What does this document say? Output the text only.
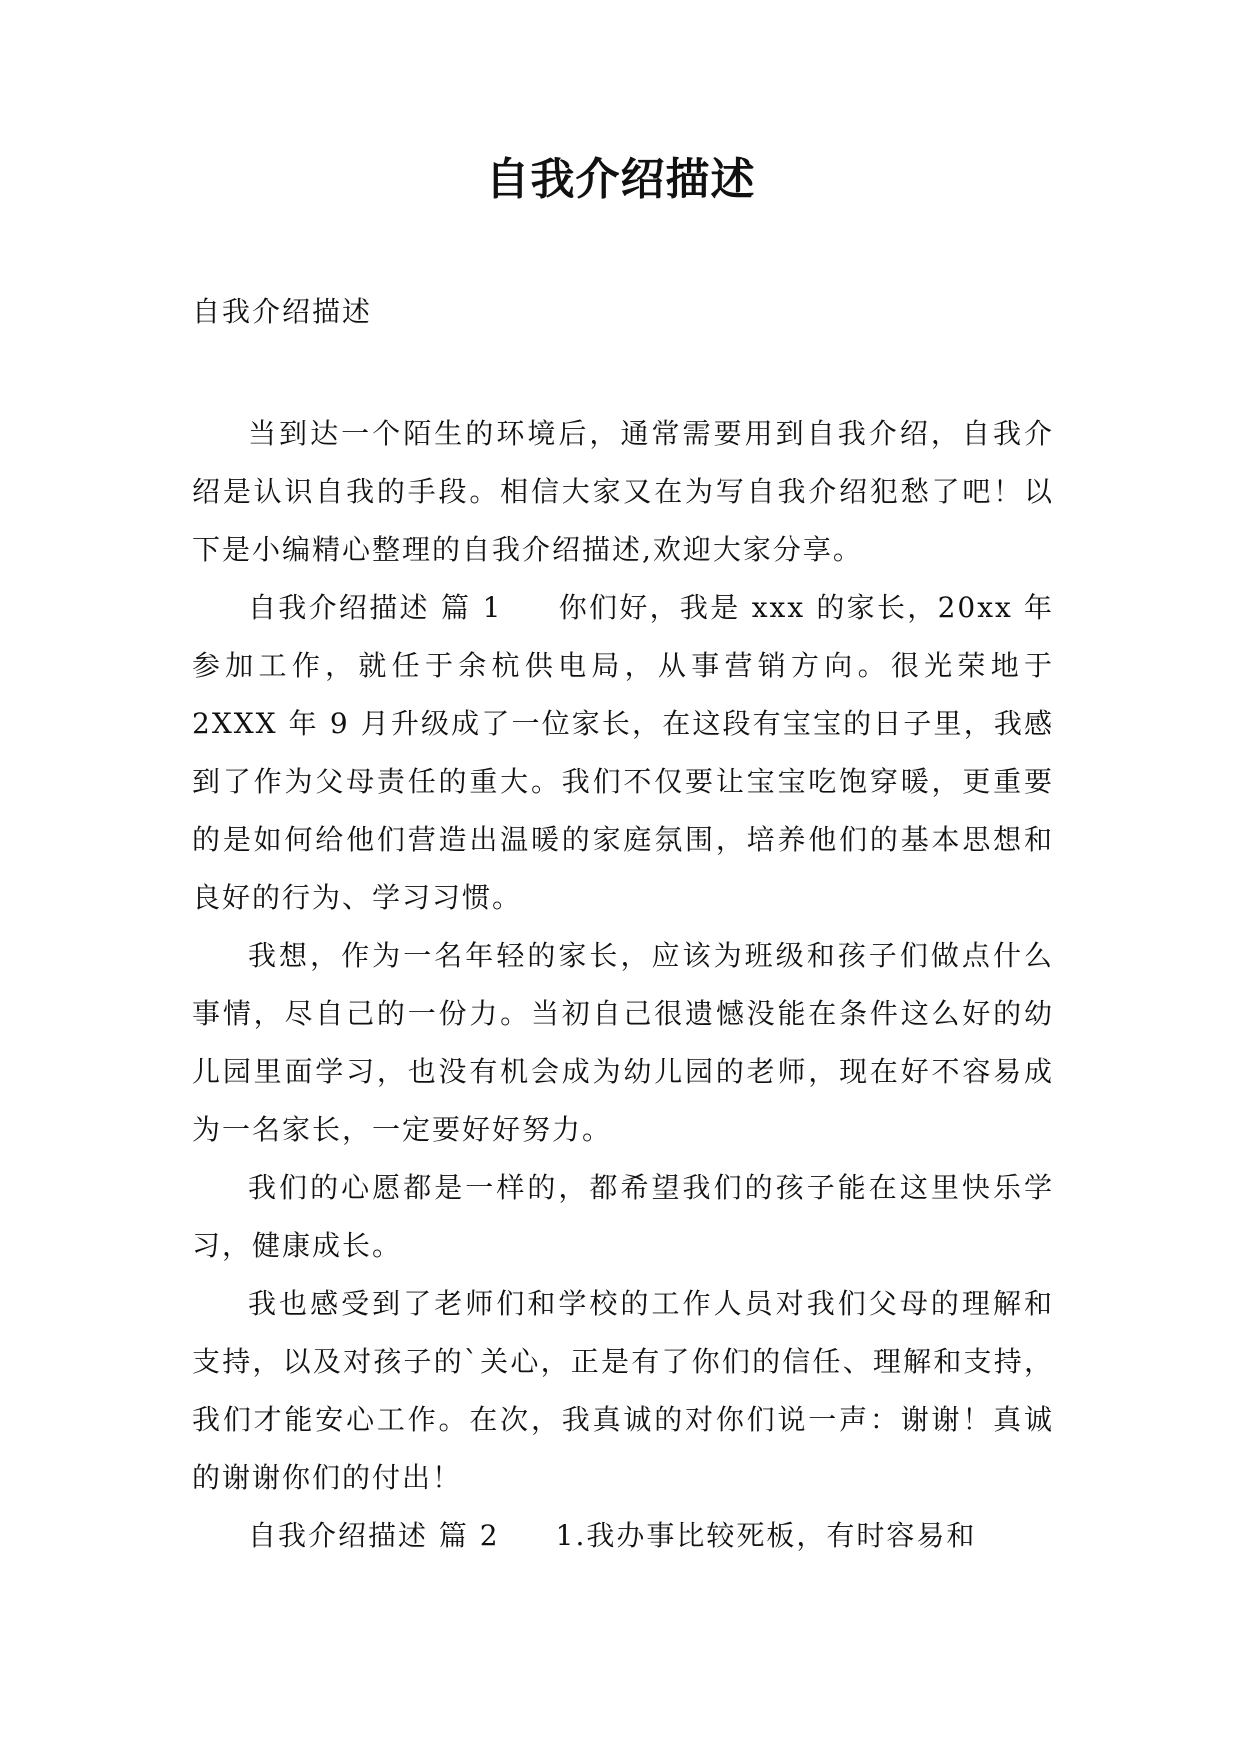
自我介绍描述

自我介绍描述

当到达一个陌生的环境后，通常需要用到自我介绍，自我介绍是认识自我的手段。相信大家又在为写自我介绍犯愁了吧！以下是小编精心整理的自我介绍描述,欢迎大家分享。

自我介绍描述 篇 1 你们好，我是 xxx 的家长，20xx 年参加工作，就任于余杭供电局，从事营销方向。很光荣地于 2XXX 年 9 月升级成了一位家长，在这段有宝宝的日子里，我感到了作为父母责任的重大。我们不仅要让宝宝吃饱穿暖，更重要的是如何给他们营造出温暖的家庭氛围，培养他们的基本思想和良好的行为、学习习惯。

我想，作为一名年轻的家长，应该为班级和孩子们做点什么事情，尽自己的一份力。当初自己很遗憾没能在条件这么好的幼儿园里面学习，也没有机会成为幼儿园的老师，现在好不容易成为一名家长，一定要好好努力。

我们的心愿都是一样的，都希望我们的孩子能在这里快乐学习，健康成长。

我也感受到了老师们和学校的工作人员对我们父母的理解和支持，以及对孩子的`关心，正是有了你们的信任、理解和支持，我们才能安心工作。在次，我真诚的对你们说一声：谢谢！真诚的谢谢你们的付出！

自我介绍描述 篇 2 1.我办事比较死板，有时容易和
